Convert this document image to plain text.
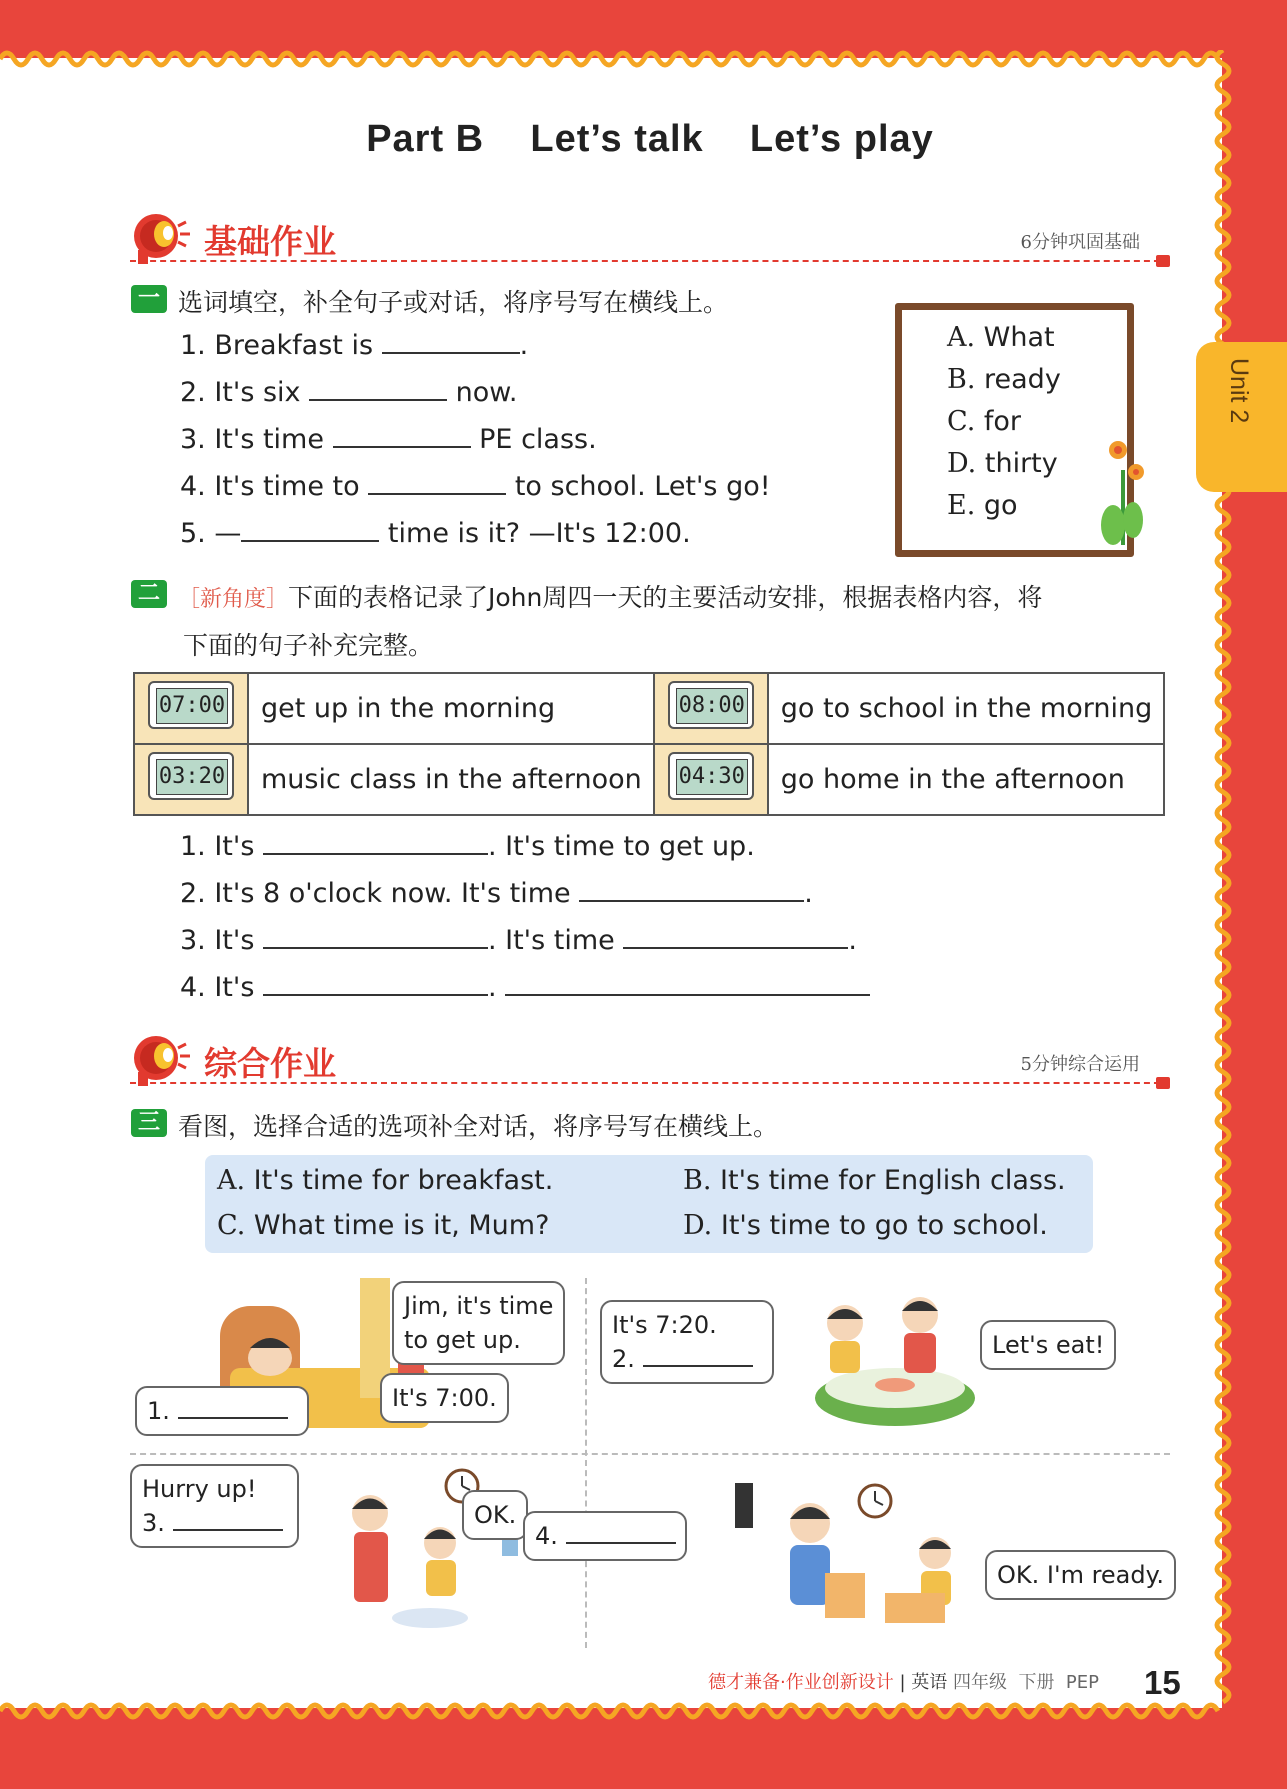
Unit 2
Part B    Let’s talk    Let’s play
基础作业	6分钟巩固基础
一 选词填空，补全句子或对话，将序号写在横线上。
1. Breakfast is	.
2. It's six	now.
3. It's time	PE class.
4. It's time to	to school. Let's go!
5. —	time is it? —It's 12:00.
A. What
B. ready
C. for
D. thirty
E. go
二 ［新角度］下面的表格记录了John周四一天的主要活动安排，根据表格内容，将
下面的句子补充完整。
07:00	get up in the morning	08:00	go to school in the morning

03:20	music class in the afternoon	04:30	go home in the afternoon
1. It's	. It's time to get up.
2. It's 8 o'clock now. It's time	.
3. It's	. It's time	.
4. It's	.
综合作业	5分钟综合运用
三 看图，选择合适的选项补全对话，将序号写在横线上。
A. It's time for breakfast.	B. It's time for English class.
C. What time is it, Mum?	D. It's time to go to school.
Jim, it's time
to get up.
It's 7:00.
1.
It's 7:20.
2.	Let's eat!
Hurry up!
3.	OK.
4.
OK. I'm ready.
德才兼备·作业创新设计 | 英语 四年级  下册  PEP 15
